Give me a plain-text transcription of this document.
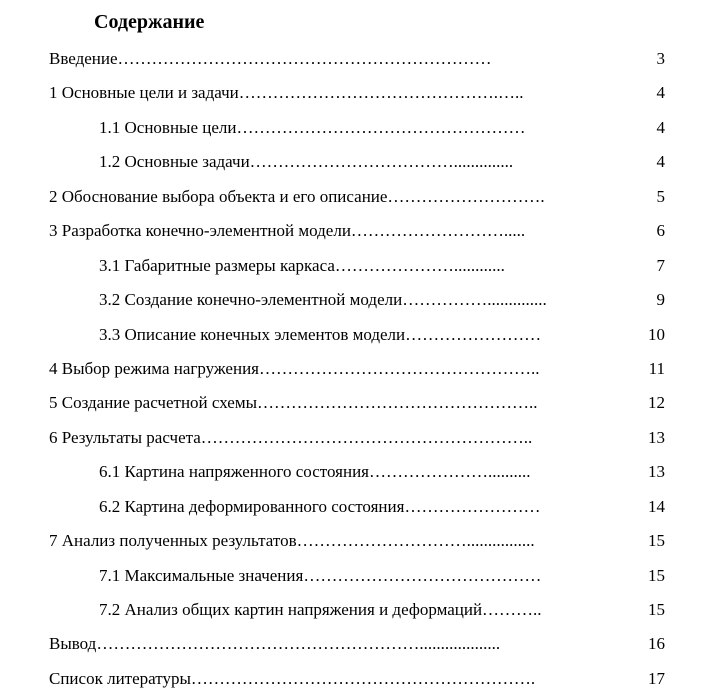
Содержание
Введение…………………………………………………………	3
1 Основные цели и задачи……………………………………….…..	4
1.1 Основные цели……………………………………………	4
1.2 Основные задачи………………………………..............	4
2 Обоснование выбора объекта и его описание……………………….	5
3 Разработка конечно-элементной модели……………………….....	6
3.1 Габаритные размеры каркаса…………………............	7
3.2 Создание конечно-элементной модели……………..............	9
3.3 Описание конечных элементов модели……………………	10
4 Выбор режима нагружения…………………………………………..	11
5 Создание расчетной схемы…………………………………………..	12
6 Результаты расчета…………………………………………………..	13
6.1 Картина напряженного состояния…………………..........	13
6.2 Картина деформированного состояния……………………	14
7 Анализ полученных результатов…………………………................	15
7.1 Максимальные значения……………………………………	15
7.2 Анализ общих картин напряжения и деформаций………..	15
Вывод…………………………………………………...................	16
Список литературы…………………………………………………….	17
